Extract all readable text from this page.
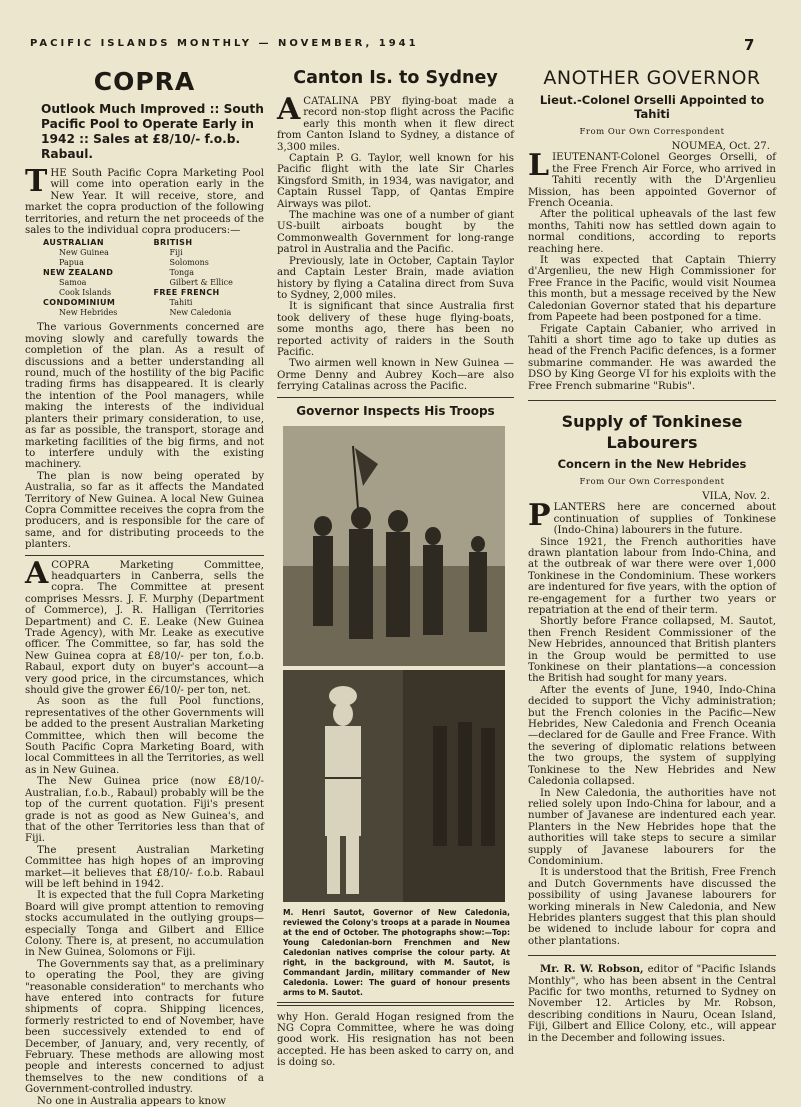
PACIFIC ISLANDS MONTHLY — NOVEMBER, 1941	7
COPRA
Outlook Much Improved :: South Pacific Pool to Operate Early in 1942 :: Sales at £8/10/- f.o.b. Rabaul.

THE South Pacific Copra Marketing Pool will come into operation early in the New Year. It will receive, store, and market the copra production of the following territories, and return the net proceeds of the sales to the individual copra producers:—

AUSTRALIAN
New Guinea
Papua
NEW ZEALAND
Samoa
Cook Islands
CONDOMINIUM
New Hebrides
BRITISH
Fiji
Solomons
Tonga
Gilbert & Ellice
FREE FRENCH
Tahiti
New Caledonia

The various Governments concerned are moving slowly and carefully towards the completion of the plan. As a result of discussions and a better understanding all round, much of the hostility of the big Pacific trading firms has disappeared. It is clearly the intention of the Pool managers, while making the interests of the individual planters their primary consideration, to use, as far as possible, the transport, storage and marketing facilities of the big firms, and not to interfere unduly with the existing machinery.

The plan is now being operated by Australia, so far as it affects the Mandated Territory of New Guinea. A local New Guinea Copra Committee receives the copra from the producers, and is responsible for the care of same, and for distributing proceeds to the planters.

ACOPRA Marketing Committee, headquarters in Canberra, sells the copra. The Committee at present comprises Messrs. J. F. Murphy (Department of Commerce), J. R. Halligan (Territories Department) and C. E. Leake (New Guinea Trade Agency), with Mr. Leake as executive officer. The Committee, so far, has sold the New Guinea copra at £8/10/- per ton, f.o.b. Rabaul, export duty on buyer's account—a very good price, in the circumstances, which should give the grower £6/10/- per ton, net.

As soon as the full Pool functions, representatives of the other Governments will be added to the present Australian Marketing Committee, which then will become the South Pacific Copra Marketing Board, with local Committees in all the Territories, as well as in New Guinea.

The New Guinea price (now £8/10/- Australian, f.o.b., Rabaul) probably will be the top of the current quotation. Fiji's present grade is not as good as New Guinea's, and that of the other Territories less than that of Fiji.

The present Australian Marketing Committee has high hopes of an improving market—it believes that £8/10/- f.o.b. Rabaul will be left behind in 1942.

It is expected that the full Copra Marketing Board will give prompt attention to removing stocks accumulated in the outlying groups—especially Tonga and Gilbert and Ellice Colony. There is, at present, no accumulation in New Guinea, Solomons or Fiji.

The Governments say that, as a preliminary to operating the Pool, they are giving "reasonable consideration" to merchants who have entered into contracts for future shipments of copra. Shipping licences, formerly restricted to end of November, have been successively extended to end of December, of January, and, very recently, of February. These methods are allowing most people and interests concerned to adjust themselves to the new conditions of a Government-controlled industry.

No one in Australia appears to know

Canton Is. to Sydney

ACATALINA PBY flying-boat made a record non-stop flight across the Pacific early this month when it flew direct from Canton Island to Sydney, a distance of 3,300 miles.

Captain P. G. Taylor, well known for his Pacific flight with the late Sir Charles Kingsford Smith, in 1934, was navigator, and Captain Russel Tapp, of Qantas Empire Airways was pilot.

The machine was one of a number of giant US-built airboats bought by the Commonwealth Government for long-range patrol in Australia and the Pacific.

Previously, late in October, Captain Taylor and Captain Lester Brain, made aviation history by flying a Catalina direct from Suva to Sydney, 2,000 miles.

It is significant that since Australia first took delivery of these huge flying-boats, some months ago, there has been no reported activity of raiders in the South Pacific.

Two airmen well known in New Guinea —Orme Denny and Aubrey Koch—are also ferrying Catalinas across the Pacific.

Governor Inspects His Troops
M. Henri Sautot, Governor of New Caledonia, reviewed the Colony's troops at a parade in Noumea at the end of October. The photographs show:—Top: Young Caledonian-born Frenchmen and New Caledonian natives comprise the colour party. At right, in the background, with M. Sautot, is Commandant Jardin, military commander of New Caledonia. Lower: The guard of honour presents arms to M. Sautot.

why Hon. Gerald Hogan resigned from the NG Copra Committee, where he was doing good work. His resignation has not been accepted. He has been asked to carry on, and is doing so.

ANOTHER GOVERNOR
Lieut.-Colonel Orselli Appointed to Tahiti
From Our Own Correspondent
NOUMEA, Oct. 27.

LIEUTENANT-Colonel Georges Orselli, of the Free French Air Force, who arrived in Tahiti recently with the D'Argenlieu Mission, has been appointed Governor of French Oceania.

After the political upheavals of the last few months, Tahiti now has settled down again to normal conditions, according to reports reaching here.

It was expected that Captain Thierry d'Argenlieu, the new High Commissioner for Free France in the Pacific, would visit Noumea this month, but a message received by the New Caledonian Governor stated that his departure from Papeete had been postponed for a time.

Frigate Captain Cabanier, who arrived in Tahiti a short time ago to take up duties as head of the French Pacific defences, is a former submarine commander. He was awarded the DSO by King George VI for his exploits with the Free French submarine "Rubis".

Supply of Tonkinese Labourers
Concern in the New Hebrides
From Our Own Correspondent
VILA, Nov. 2.

PLANTERS here are concerned about continuation of supplies of Tonkinese (Indo-China) labourers in the future.

Since 1921, the French authorities have drawn plantation labour from Indo-China, and at the outbreak of war there were over 1,000 Tonkinese in the Condominium. These workers are indentured for five years, with the option of re-engagement for a further two years or repatriation at the end of their term.

Shortly before France collapsed, M. Sautot, then French Resident Commissioner of the New Hebrides, announced that British planters in the Group would be permitted to use Tonkinese on their plantations—a concession the British had sought for many years.

After the events of June, 1940, Indo-China decided to support the Vichy administration; but the French colonies in the Pacific—New Hebrides, New Caledonia and French Oceania—declared for de Gaulle and Free France. With the severing of diplomatic relations between the two groups, the system of supplying Tonkinese to the New Hebrides and New Caledonia collapsed.

In New Caledonia, the authorities have not relied solely upon Indo-China for labour, and a number of Javanese are indentured each year. Planters in the New Hebrides hope that the authorities will take steps to secure a similar supply of Javanese labourers for the Condominium.

It is understood that the British, Free French and Dutch Governments have discussed the possibility of using Javanese labourers for working minerals in New Caledonia, and New Hebrides planters suggest that this plan should be widened to include labour for copra and other plantations.

Mr. R. W. Robson, editor of "Pacific Islands Monthly", who has been absent in the Central Pacific for two months, returned to Sydney on November 12. Articles by Mr. Robson, describing conditions in Nauru, Ocean Island, Fiji, Gilbert and Ellice Colony, etc., will appear in the December and following issues.
